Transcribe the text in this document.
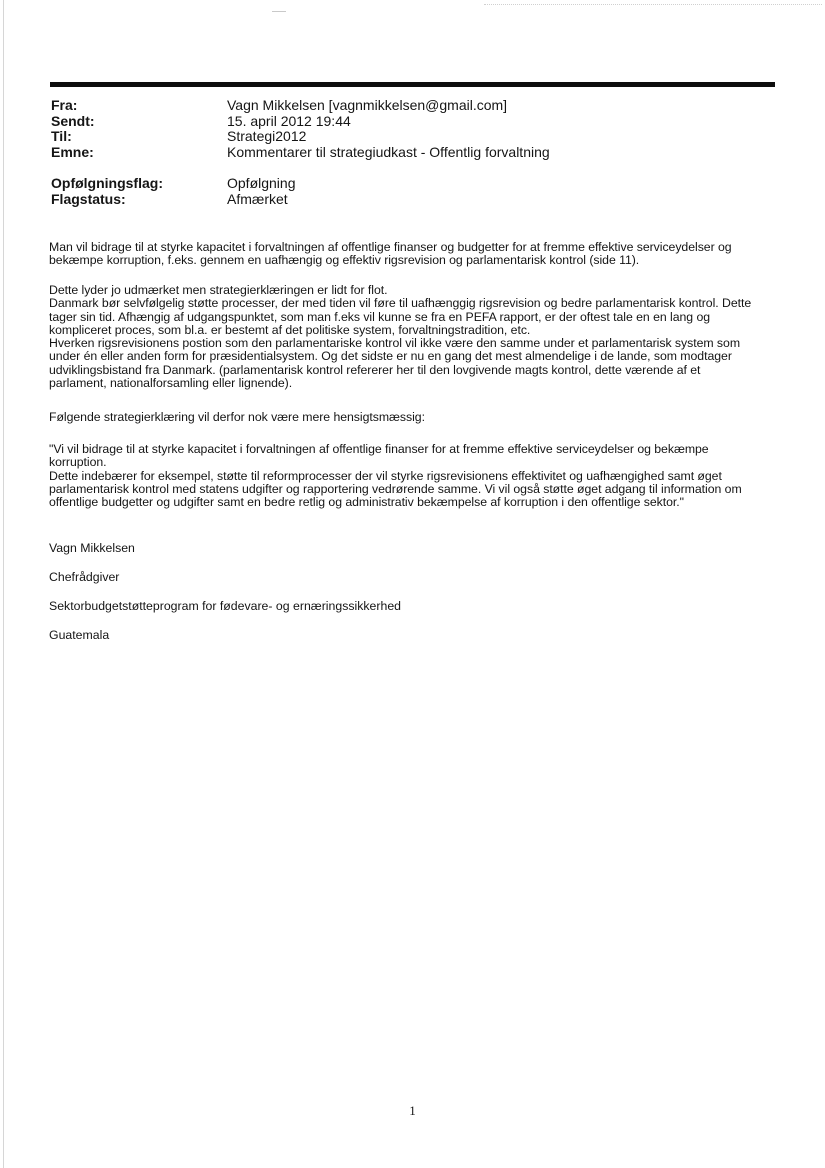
Fra:	Vagn Mikkelsen [vagnmikkelsen@gmail.com]
Sendt:	15. april 2012 19:44
Til:	Strategi2012
Emne:	Kommentarer til strategiudkast - Offentlig forvaltning
Opfølgningsflag:	Opfølgning
Flagstatus:	Afmærket

Man vil bidrage til at styrke kapacitet i forvaltningen af offentlige finanser og budgetter for at fremme effektive serviceydelser og

bekæmpe korruption, f.eks. gennem en uafhængig og effektiv rigsrevision og parlamentarisk kontrol (side 11).

Dette lyder jo udmærket men strategierklæringen er lidt for flot.

Danmark bør selvfølgelig støtte processer, der med tiden vil føre til uafhænggig rigsrevision og bedre parlamentarisk kontrol. Dette

tager sin tid. Afhængig af udgangspunktet, som man f.eks vil kunne se fra en PEFA rapport, er der oftest tale en en lang og

kompliceret proces, som bl.a. er bestemt af det politiske system, forvaltningstradition, etc.

Hverken rigsrevisionens postion som den parlamentariske kontrol vil ikke være den samme under et parlamentarisk system som

under én eller anden form for præsidentialsystem. Og det sidste er nu en gang det mest almendelige i de lande, som modtager

udviklingsbistand fra Danmark. (parlamentarisk kontrol refererer her til den lovgivende magts kontrol, dette værende af et

parlament, nationalforsamling eller lignende).

Følgende strategierklæring vil derfor nok være mere hensigtsmæssig:

"Vi vil bidrage til at styrke kapacitet i forvaltningen af offentlige finanser for at fremme effektive serviceydelser og bekæmpe

korruption.

Dette indebærer for eksempel, støtte til reformprocesser der vil styrke rigsrevisionens effektivitet og uafhængighed samt øget

parlamentarisk kontrol med statens udgifter og rapportering vedrørende samme. Vi vil også støtte øget adgang til information om

offentlige budgetter og udgifter samt en bedre retlig og administrativ bekæmpelse af korruption i den offentlige sektor."

Vagn Mikkelsen
Chefrådgiver
Sektorbudgetstøtteprogram for fødevare- og ernæringssikkerhed
Guatemala
1
